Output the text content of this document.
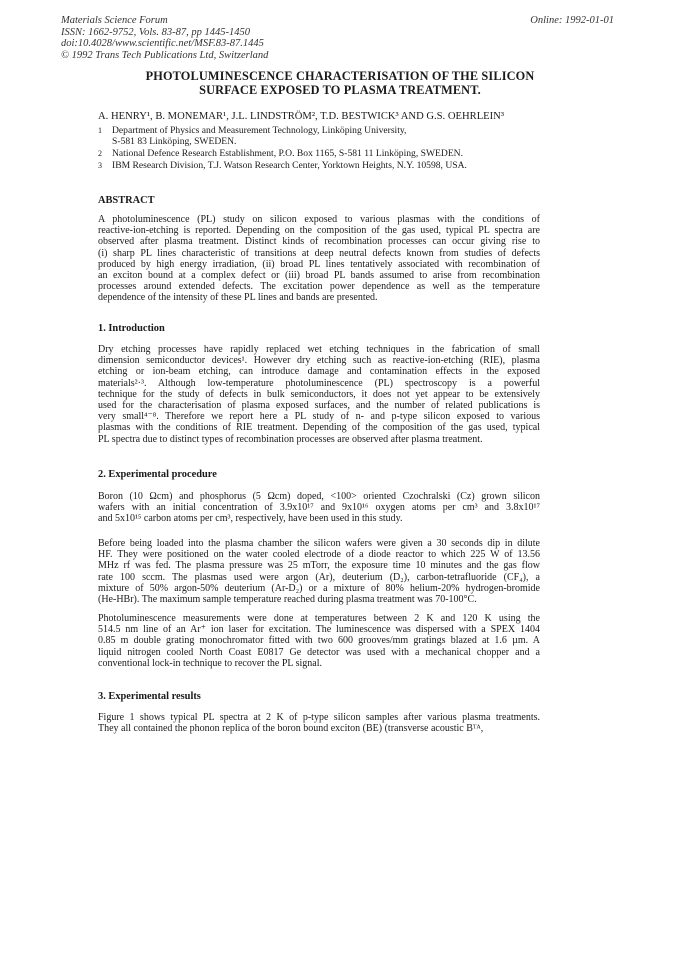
Materials Science Forum
ISSN: 1662-9752, Vols. 83-87, pp 1445-1450
doi:10.4028/www.scientific.net/MSF.83-87.1445
© 1992 Trans Tech Publications Ltd, Switzerland
Online: 1992-01-01
PHOTOLUMINESCENCE CHARACTERISATION OF THE SILICON
SURFACE EXPOSED TO PLASMA TREATMENT.
A. HENRY¹, B. MONEMAR¹, J.L. LINDSTRÖM², T.D. BESTWICK³ AND G.S. OEHRLEIN³
1	Department of Physics and Measurement Technology, Linköping University,
S-581 83 Linköping, SWEDEN.
2	National Defence Research Establishment, P.O. Box 1165, S-581 11 Linköping, SWEDEN.
3	IBM Research Division, T.J. Watson Research Center, Yorktown Heights, N.Y. 10598, USA.
ABSTRACT
A photoluminescence (PL) study on silicon exposed to various plasmas with the conditions of
reactive-ion-etching is reported. Depending on the composition of the gas used, typical PL spectra are
observed after plasma treatment. Distinct kinds of recombination processes can occur giving rise to
(i) sharp PL lines characteristic of transitions at deep neutral defects known from studies of defects
produced by high energy irradiation, (ii) broad PL lines tentatively associated with recombination of
an exciton bound at a complex defect or (iii) broad PL bands assumed to arise from recombination
processes around extended defects. The excitation power dependence as well as the temperature
dependence of the intensity of these PL lines and bands are presented.
1. Introduction
Dry etching processes have rapidly replaced wet etching techniques in the fabrication of small
dimension semiconductor devices¹. However dry etching such as reactive-ion-etching (RIE), plasma
etching or ion-beam etching, can introduce damage and contamination effects in the exposed
materials²·³. Although low-temperature photoluminescence (PL) spectroscopy is a powerful
technique for the study of defects in bulk semiconductors, it does not yet appear to be extensively
used for the characterisation of plasma exposed surfaces, and the number of related publications is
very small⁴⁻⁸. Therefore we report here a PL study of n- and p-type silicon exposed to various
plasmas with the conditions of RIE treatment. Depending of the composition of the gas used, typical
PL spectra due to distinct types of recombination processes are observed after plasma treatment.
2. Experimental procedure
Boron (10 Ωcm) and phosphorus (5 Ωcm) doped, <100> oriented Czochralski (Cz) grown silicon
wafers with an initial concentration of 3.9x10¹⁷ and 9x10¹⁶ oxygen atoms per cm³ and 3.8x10¹⁷
and 5x10¹⁵ carbon atoms per cm³, respectively, have been used in this study.
Before being loaded into the plasma chamber the silicon wafers were given a 30 seconds dip in dilute
HF. They were positioned on the water cooled electrode of a diode reactor to which 225 W of 13.56
MHz rf was fed. The plasma pressure was 25 mTorr, the exposure time 10 minutes and the gas flow
rate 100 sccm. The plasmas used were argon (Ar), deuterium (D₂), carbon-tetrafluoride (CF₄), a
mixture of 50% argon-50% deuterium (Ar-D₂) or a mixture of 80% helium-20% hydrogen-bromide
(He-HBr). The maximum sample temperature reached during plasma treatment was 70-100°C.
Photoluminescence measurements were done at temperatures between 2 K and 120 K using the
514.5 nm line of an Ar⁺ ion laser for excitation. The luminescence was dispersed with a SPEX 1404
0.85 m double grating monochromator fitted with two 600 grooves/mm gratings blazed at 1.6 µm. A
liquid nitrogen cooled North Coast E0817 Ge detector was used with a mechanical chopper and a
conventional lock-in technique to recover the PL signal.
3. Experimental results
Figure 1 shows typical PL spectra at 2 K of p-type silicon samples after various plasma treatments.
They all contained the phonon replica of the boron bound exciton (BE) (transverse acoustic Bᵀᴬ,
